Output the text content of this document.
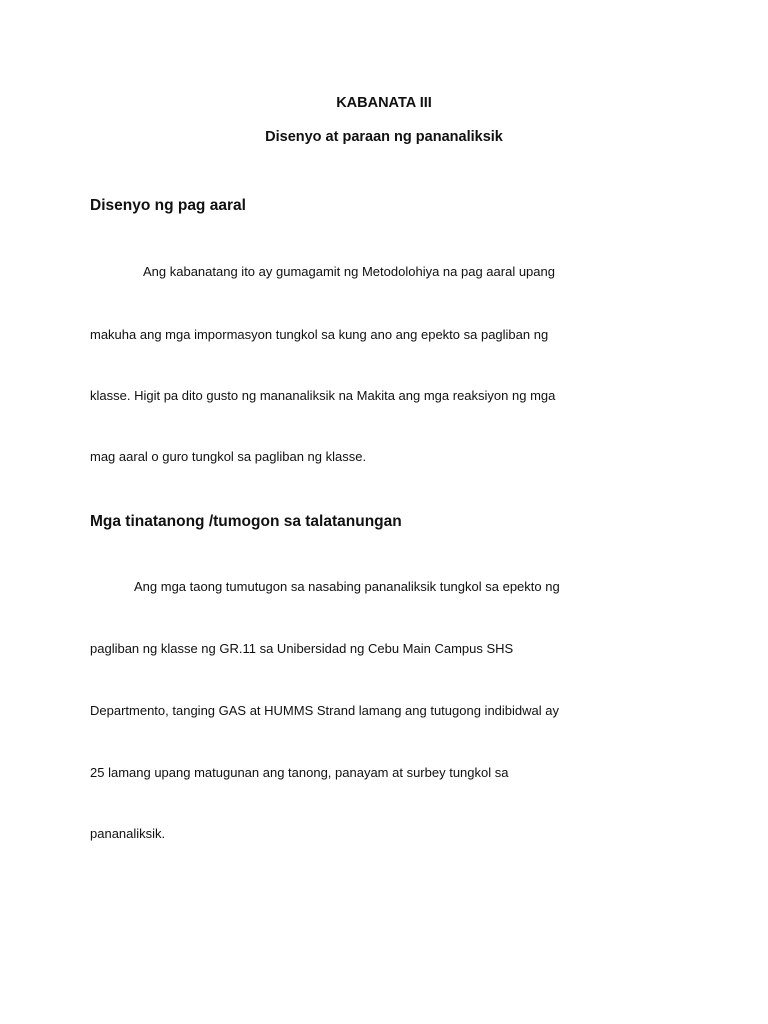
KABANATA III
Disenyo at paraan ng pananaliksik
Disenyo ng pag aaral
Ang kabanatang ito ay gumagamit ng Metodolohiya na pag aaral upang
makuha ang mga impormasyon tungkol sa kung ano ang epekto sa pagliban ng
klasse. Higit pa dito gusto ng mananaliksik na Makita ang mga reaksiyon ng mga
mag aaral o guro tungkol sa pagliban ng klasse.
Mga tinatanong /tumogon sa talatanungan
Ang mga taong tumutugon sa nasabing pananaliksik tungkol sa epekto ng
pagliban ng klasse ng GR.11 sa Unibersidad ng Cebu Main Campus SHS
Departmento, tanging GAS at HUMMS Strand lamang ang tutugong indibidwal ay
25 lamang upang matugunan ang tanong, panayam at surbey tungkol sa
pananaliksik.
